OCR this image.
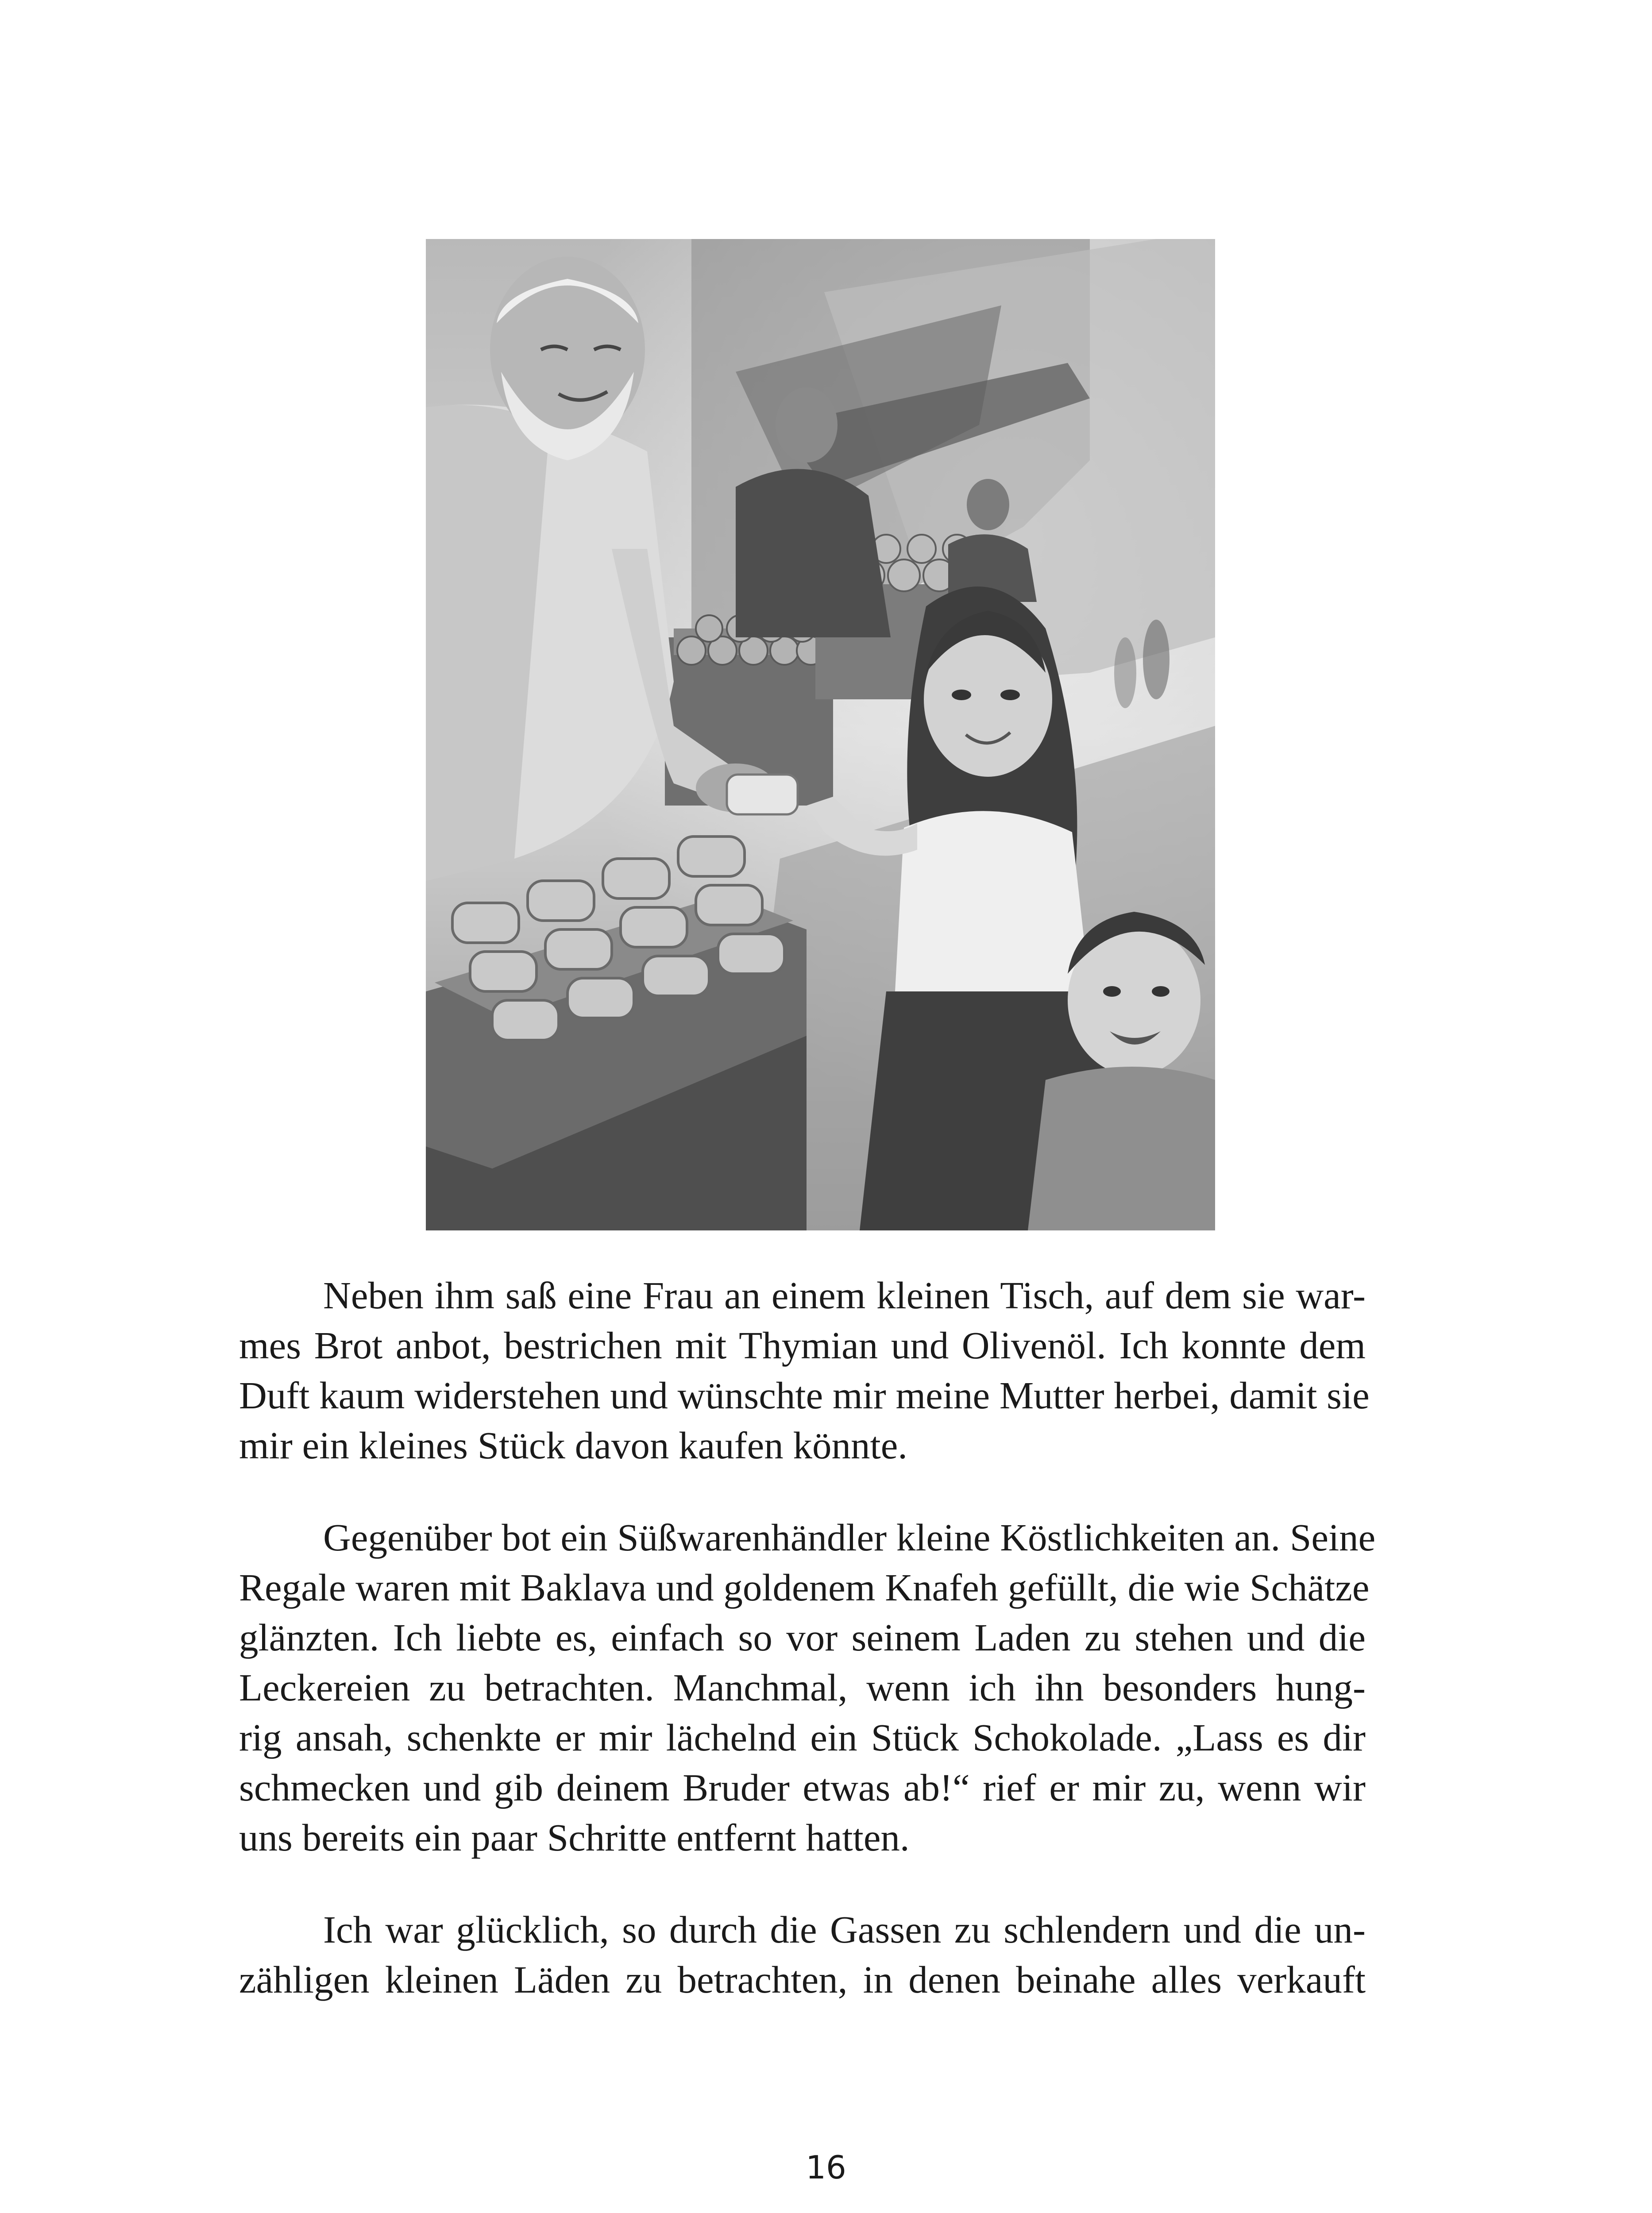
Neben ihm saß eine Frau an einem kleinen Tisch, auf dem sie war-
mes Brot anbot, bestrichen mit Thymian und Olivenöl. Ich konnte dem
Duft kaum widerstehen und wünschte mir meine Mutter herbei, damit sie
mir ein kleines Stück davon kaufen könnte.

Gegenüber bot ein Süßwarenhändler kleine Köstlichkeiten an. Seine
Regale waren mit Baklava und goldenem Knafeh gefüllt, die wie Schätze
glänzten. Ich liebte es, einfach so vor seinem Laden zu stehen und die
Leckereien zu betrachten. Manchmal, wenn ich ihn besonders hung-
rig ansah, schenkte er mir lächelnd ein Stück Schokolade. „Lass es dir
schmecken und gib deinem Bruder etwas ab!“ rief er mir zu, wenn wir
uns bereits ein paar Schritte entfernt hatten.

Ich war glücklich, so durch die Gassen zu schlendern und die un-
zähligen kleinen Läden zu betrachten, in denen beinahe alles verkauft

16
